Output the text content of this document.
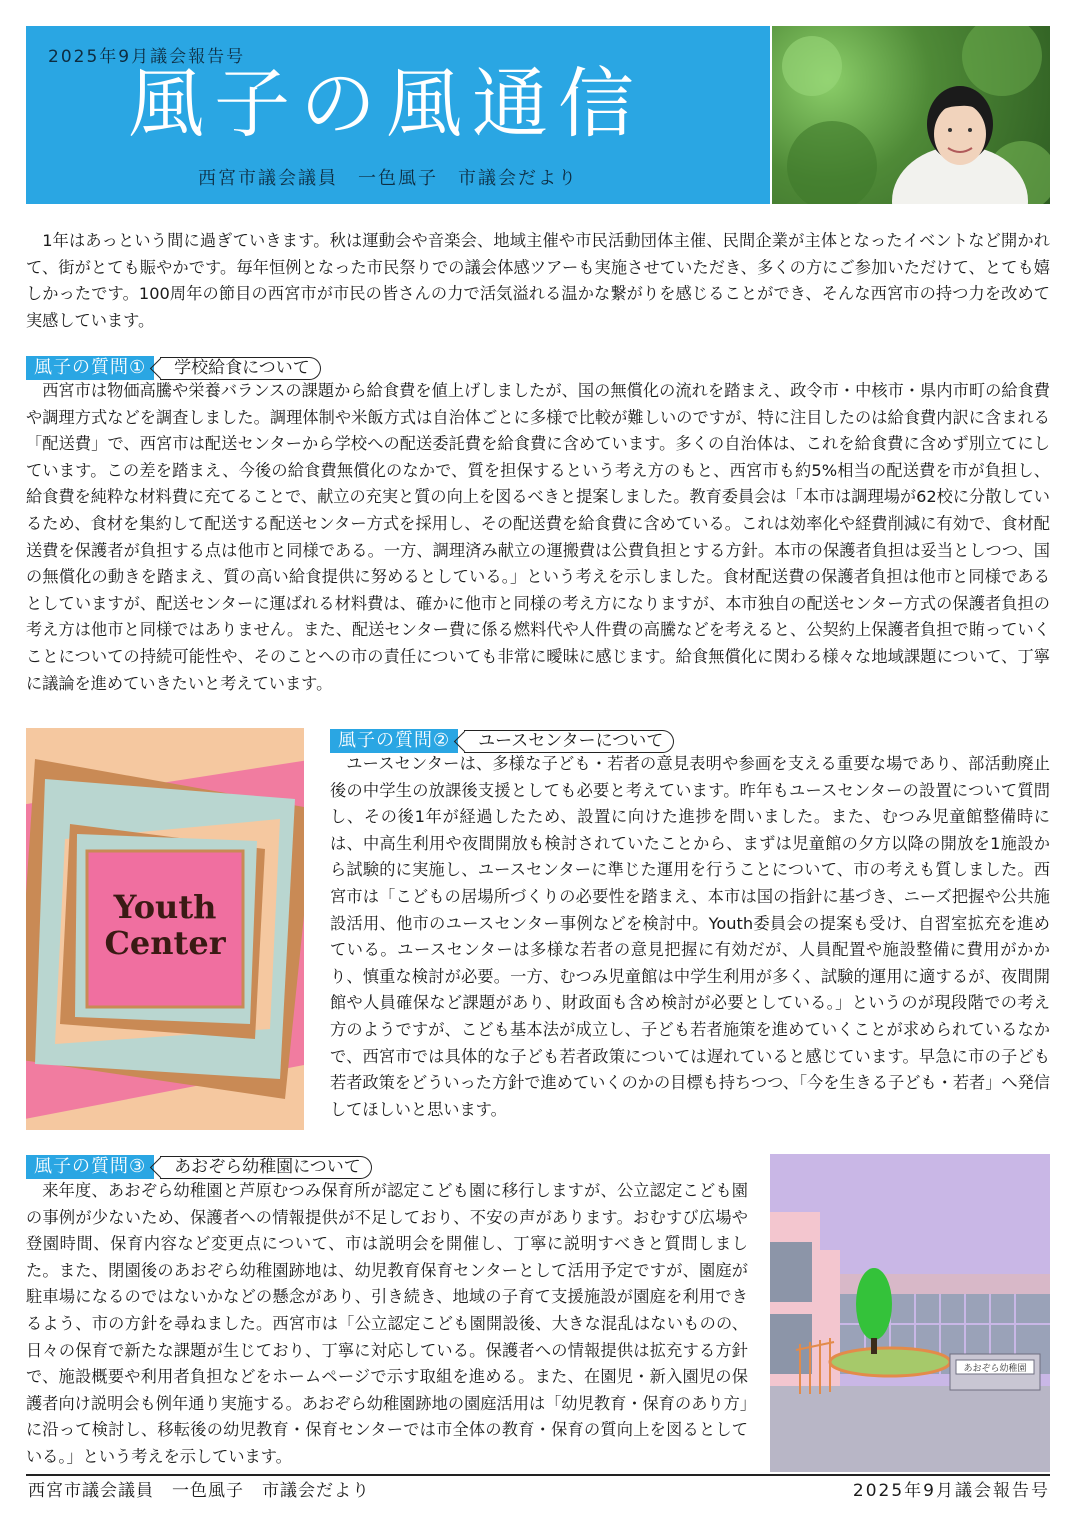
2025年9月議会報告号
風子の風通信
西宮市議会議員　一色風子　市議会だより

1年はあっという間に過ぎていきます。秋は運動会や音楽会、地域主催や市民活動団体主催、民間企業が主体となったイベントなど開かれて、街がとても賑やかです。毎年恒例となった市民祭りでの議会体感ツアーも実施させていただき、多くの方にご参加いただけて、とても嬉しかったです。100周年の節目の西宮市が市民の皆さんの力で活気溢れる温かな繋がりを感じることができ、そんな西宮市の持つ力を改めて実感しています。

風子の質問①	学校給食について

西宮市は物価高騰や栄養バランスの課題から給食費を値上げしましたが、国の無償化の流れを踏まえ、政令市・中核市・県内市町の給食費や調理方式などを調査しました。調理体制や米飯方式は自治体ごとに多様で比較が難しいのですが、特に注目したのは給食費内訳に含まれる「配送費」で、西宮市は配送センターから学校への配送委託費を給食費に含めています。多くの自治体は、これを給食費に含めず別立てにしています。この差を踏まえ、今後の給食費無償化のなかで、質を担保するという考え方のもと、西宮市も約5%相当の配送費を市が負担し、給食費を純粋な材料費に充てることで、献立の充実と質の向上を図るべきと提案しました。教育委員会は「本市は調理場が62校に分散しているため、食材を集約して配送する配送センター方式を採用し、その配送費を給食費に含めている。これは効率化や経費削減に有効で、食材配送費を保護者が負担する点は他市と同様である。一方、調理済み献立の運搬費は公費負担とする方針。本市の保護者負担は妥当としつつ、国の無償化の動きを踏まえ、質の高い給食提供に努めるとしている。」という考えを示しました。食材配送費の保護者負担は他市と同様であるとしていますが、配送センターに運ばれる材料費は、確かに他市と同様の考え方になりますが、本市独自の配送センター方式の保護者負担の考え方は他市と同様ではありません。また、配送センター費に係る燃料代や人件費の高騰などを考えると、公契約上保護者負担で賄っていくことについての持続可能性や、そのことへの市の責任についても非常に曖昧に感じます。給食無償化に関わる様々な地域課題について、丁寧に議論を進めていきたいと考えています。

Youth
Center
風子の質問②	ユースセンターについて

ユースセンターは、多様な子ども・若者の意見表明や参画を支える重要な場であり、部活動廃止後の中学生の放課後支援としても必要と考えています。昨年もユースセンターの設置について質問し、その後1年が経過したため、設置に向けた進捗を問いました。また、むつみ児童館整備時には、中高生利用や夜間開放も検討されていたことから、まずは児童館の夕方以降の開放を1施設から試験的に実施し、ユースセンターに準じた運用を行うことについて、市の考えも質しました。西宮市は「こどもの居場所づくりの必要性を踏まえ、本市は国の指針に基づき、ニーズ把握や公共施設活用、他市のユースセンター事例などを検討中。Youth委員会の提案も受け、自習室拡充を進めている。ユースセンターは多様な若者の意見把握に有効だが、人員配置や施設整備に費用がかかり、慎重な検討が必要。一方、むつみ児童館は中学生利用が多く、試験的運用に適するが、夜間開館や人員確保など課題があり、財政面も含め検討が必要としている。」というのが現段階での考え方のようですが、こども基本法が成立し、子ども若者施策を進めていくことが求められているなかで、西宮市では具体的な子ども若者政策については遅れていると感じています。早急に市の子ども若者政策をどういった方針で進めていくのかの目標も持ちつつ、「今を生きる子ども・若者」へ発信してほしいと思います。

風子の質問③	あおぞら幼稚園について

来年度、あおぞら幼稚園と芦原むつみ保育所が認定こども園に移行しますが、公立認定こども園の事例が少ないため、保護者への情報提供が不足しており、不安の声があります。おむすび広場や登園時間、保育内容など変更点について、市は説明会を開催し、丁寧に説明すべきと質問しました。また、閉園後のあおぞら幼稚園跡地は、幼児教育保育センターとして活用予定ですが、園庭が駐車場になるのではないかなどの懸念があり、引き続き、地域の子育て支援施設が園庭を利用できるよう、市の方針を尋ねました。西宮市は「公立認定こども園開設後、大きな混乱はないものの、日々の保育で新たな課題が生じており、丁寧に対応している。保護者への情報提供は拡充する方針で、施設概要や利用者負担などをホームページで示す取組を進める。また、在園児・新入園児の保護者向け説明会も例年通り実施する。あおぞら幼稚園跡地の園庭活用は「幼児教育・保育のあり方」に沿って検討し、移転後の幼児教育・保育センターでは市全体の教育・保育の質向上を図るとしている。」という考えを示しています。

あおぞら幼稚園
西宮市議会議員　一色風子　市議会だより	2025年9月議会報告号
